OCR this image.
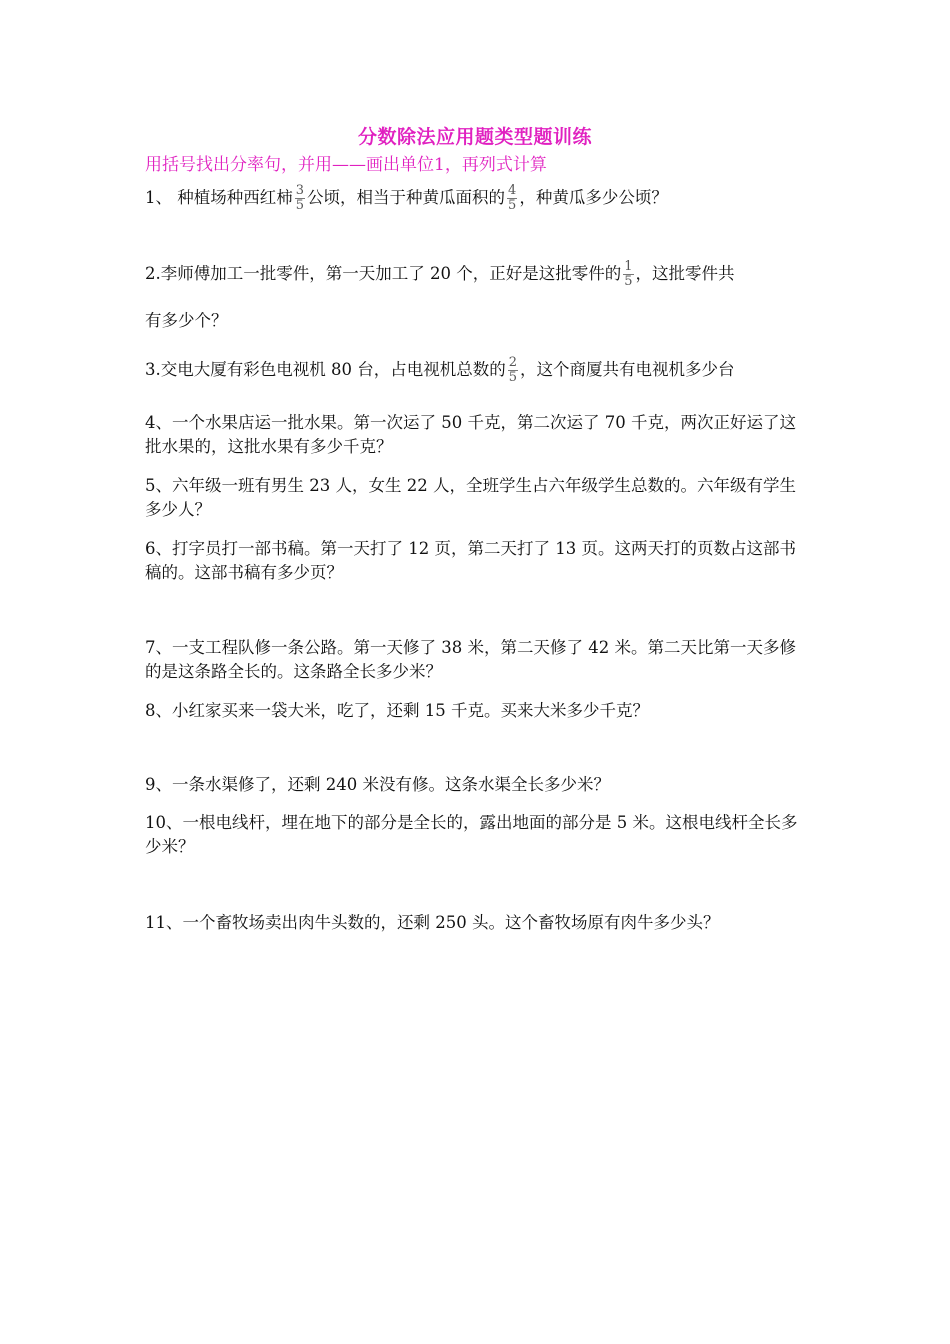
分数除法应用题类型题训练
用括号找出分率句，并用——画出单位1，再列式计算
1、 种植场种西红柿 $\frac{3}{5}$ 公顷，相当于种黄瓜面积的 $\frac{4}{5}$ ，种黄瓜多少公顷？
2.李师傅加工一批零件，第一天加工了 20 个，正好是这批零件的 $\frac{1}{5}$ ，这批零件共
有多少个？
3.交电大厦有彩色电视机 80 台，占电视机总数的 $\frac{2}{5}$ ，这个商厦共有电视机多少台
4、一个水果店运一批水果。第一次运了 50 千克，第二次运了 70 千克，两次正好运了这批水果的，这批水果有多少千克？
5、六年级一班有男生 23 人，女生 22 人，全班学生占六年级学生总数的。六年级有学生多少人？
6、打字员打一部书稿。第一天打了 12 页，第二天打了 13 页。这两天打的页数占这部书稿的。这部书稿有多少页？
7、一支工程队修一条公路。第一天修了 38 米，第二天修了 42 米。第二天比第一天多修的是这条路全长的。这条路全长多少米？
8、小红家买来一袋大米，吃了，还剩 15 千克。买来大米多少千克？
9、一条水渠修了，还剩 240 米没有修。这条水渠全长多少米？
10、一根电线杆，埋在地下的部分是全长的，露出地面的部分是 5 米。这根电线杆全长多少米？
11、一个畜牧场卖出肉牛头数的，还剩 250 头。这个畜牧场原有肉牛多少头？
